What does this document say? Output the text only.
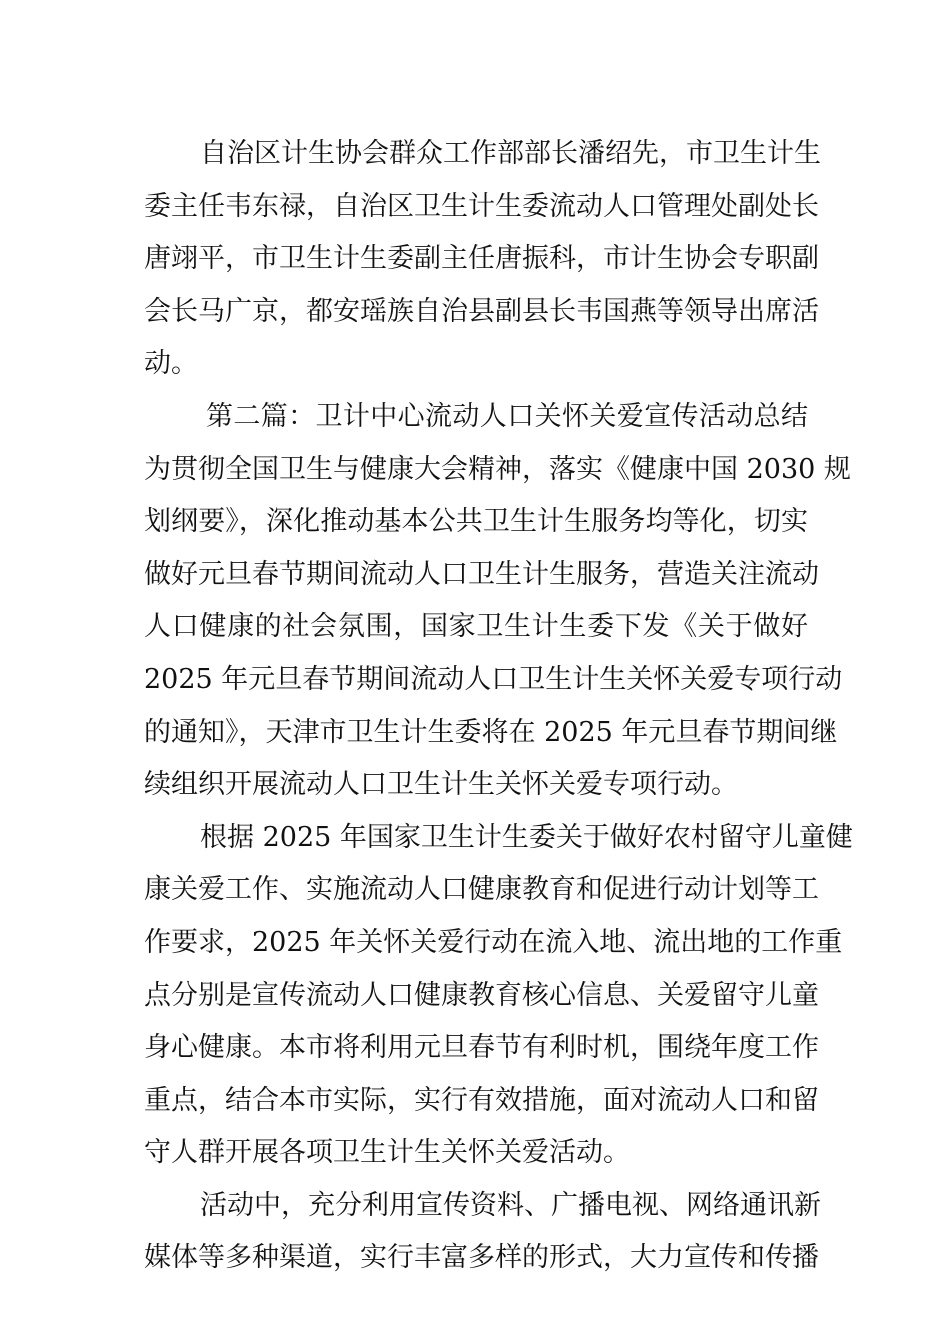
自治区计生协会群众工作部部长潘绍先，市卫生计生
委主任韦东禄，自治区卫生计生委流动人口管理处副处长
唐翊平，市卫生计生委副主任唐振科，市计生协会专职副
会长马广京，都安瑶族自治县副县长韦国燕等领导出席活
动。
第二篇：卫计中心流动人口关怀关爱宣传活动总结
为贯彻全国卫生与健康大会精神，落实《健康中国 2030 规
划纲要》，深化推动基本公共卫生计生服务均等化，切实
做好元旦春节期间流动人口卫生计生服务，营造关注流动
人口健康的社会氛围，国家卫生计生委下发《关于做好
2025 年元旦春节期间流动人口卫生计生关怀关爱专项行动
的通知》，天津市卫生计生委将在 2025 年元旦春节期间继
续组织开展流动人口卫生计生关怀关爱专项行动。
根据 2025 年国家卫生计生委关于做好农村留守儿童健
康关爱工作、实施流动人口健康教育和促进行动计划等工
作要求，2025 年关怀关爱行动在流入地、流出地的工作重
点分别是宣传流动人口健康教育核心信息、关爱留守儿童
身心健康。本市将利用元旦春节有利时机，围绕年度工作
重点，结合本市实际，实行有效措施，面对流动人口和留
守人群开展各项卫生计生关怀关爱活动。
活动中，充分利用宣传资料、广播电视、网络通讯新
媒体等多种渠道，实行丰富多样的形式，大力宣传和传播
